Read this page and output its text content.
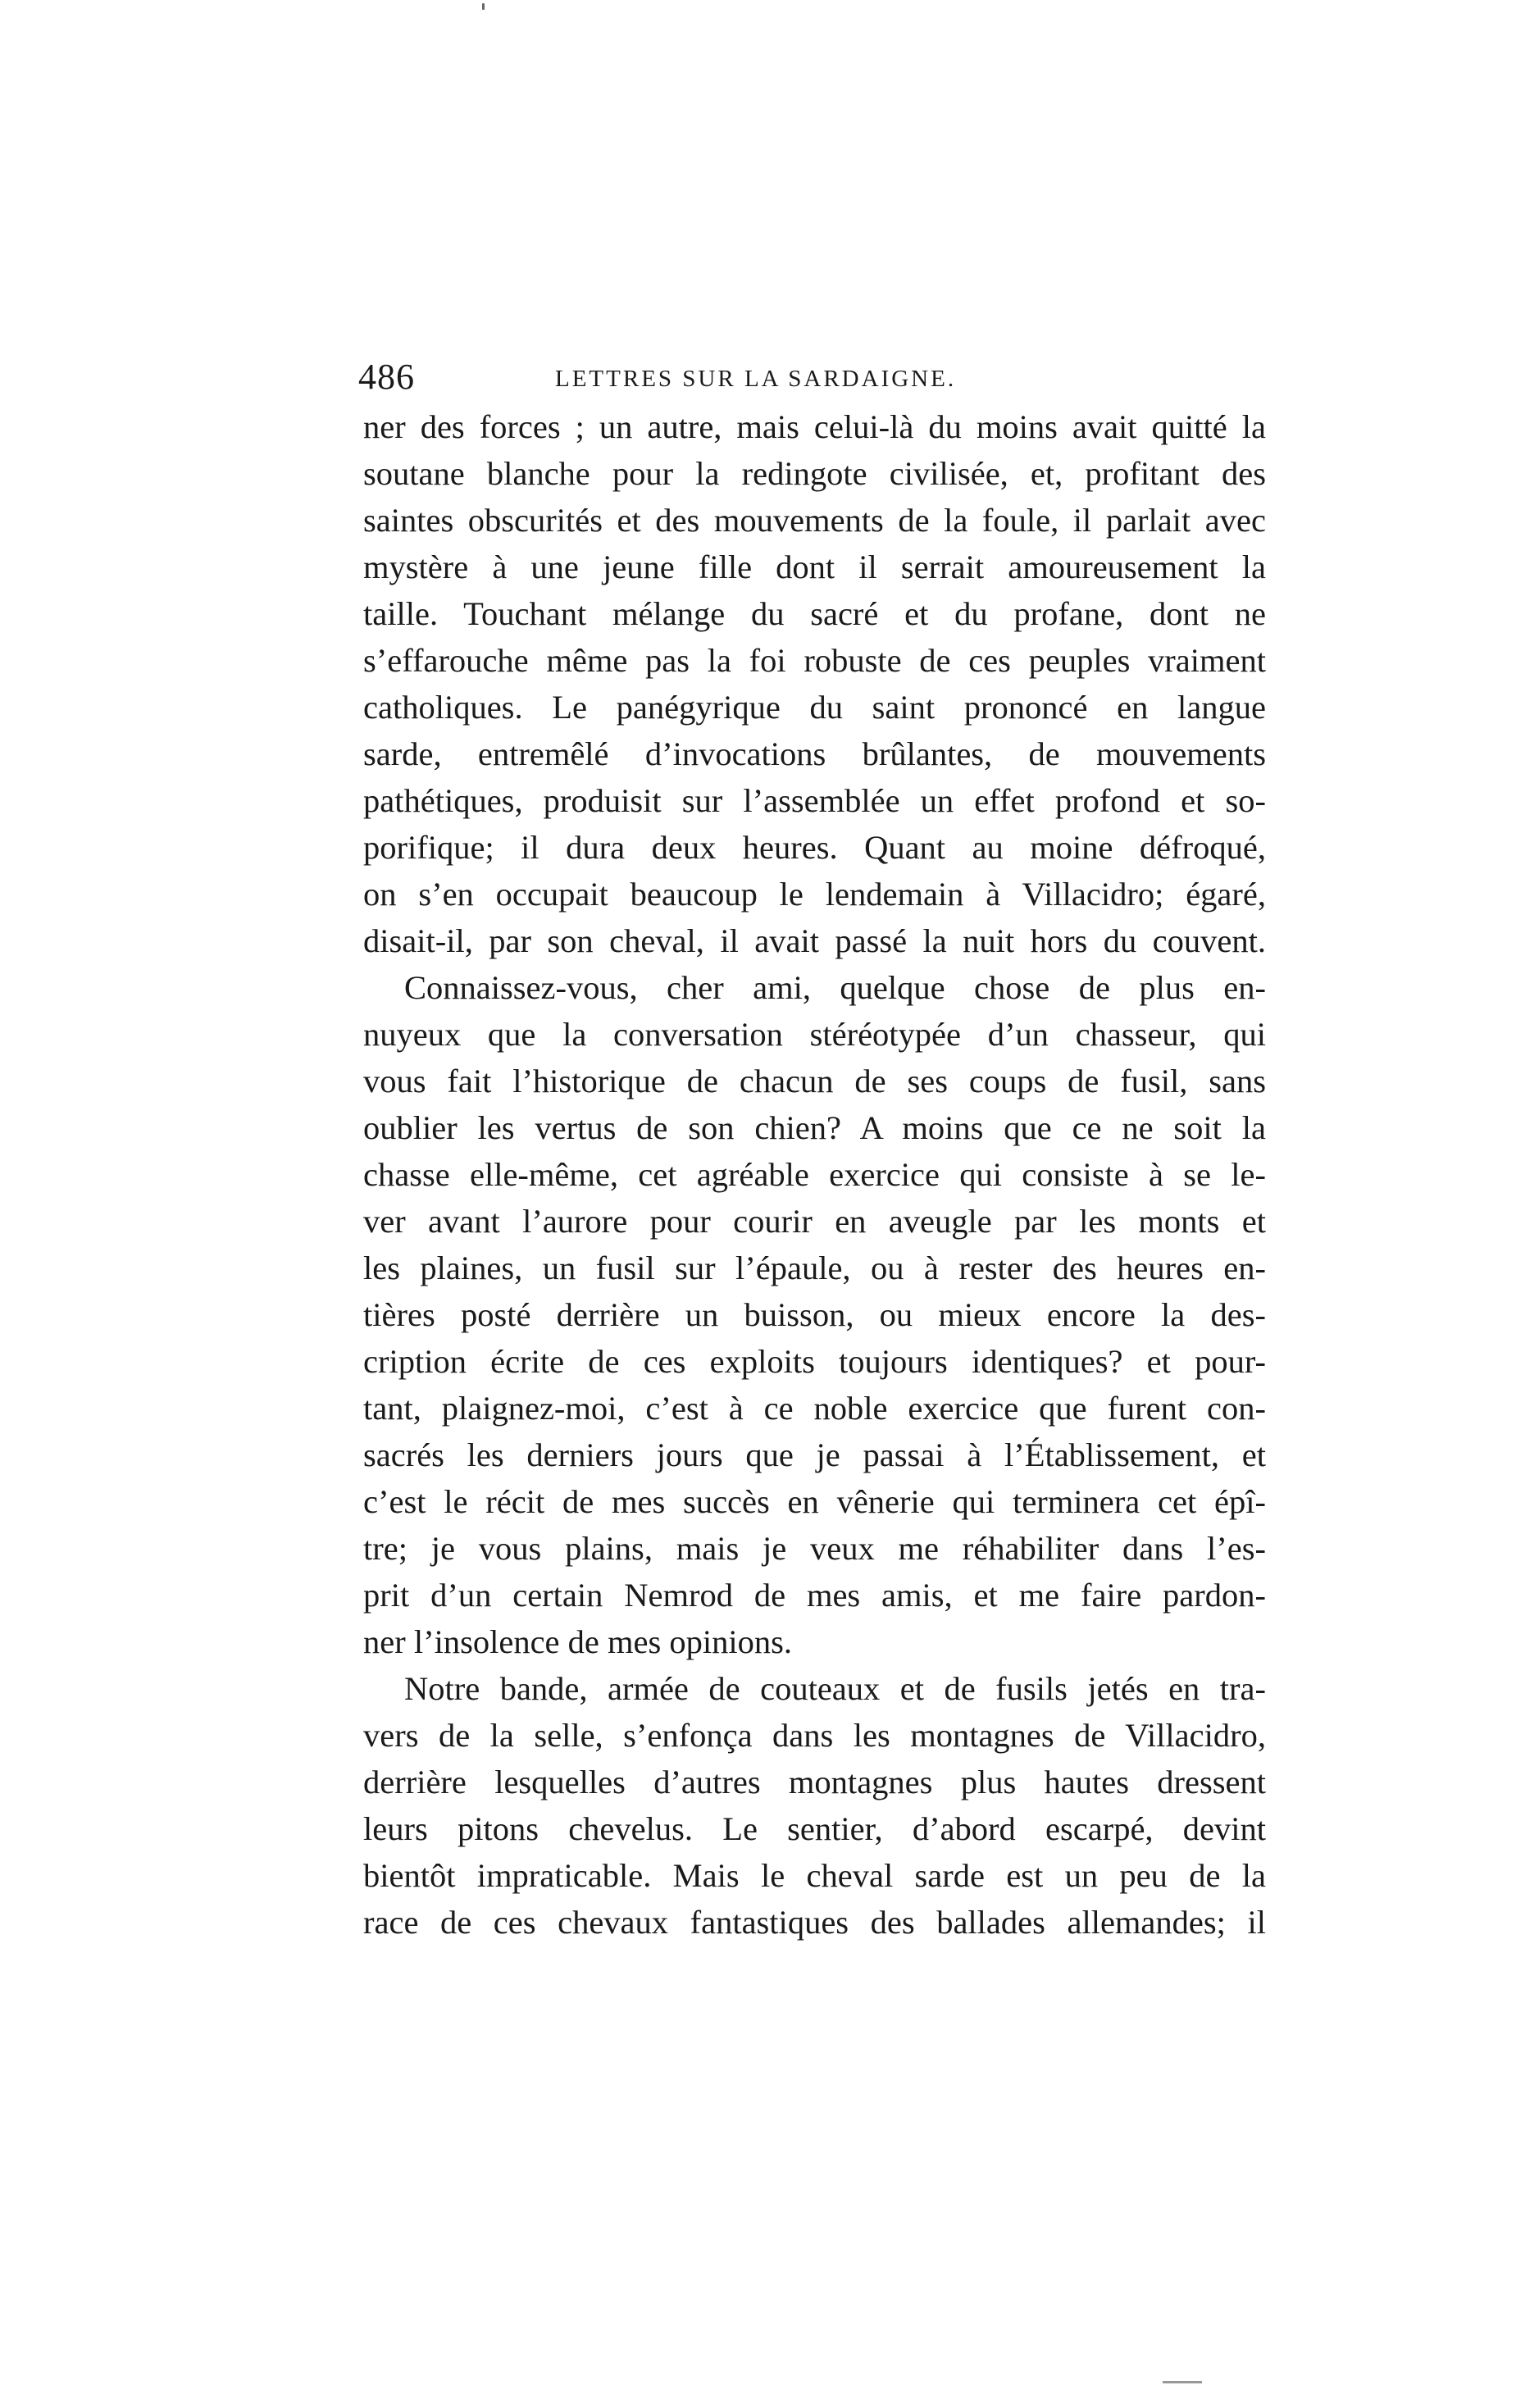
486	LETTRES SUR LA SARDAIGNE.
ner des forces ; un autre, mais celui-là du moins avait quitté la
soutane blanche pour la redingote civilisée, et, profitant des
saintes obscurités et des mouvements de la foule, il parlait avec
mystère à une jeune fille dont il serrait amoureusement la
taille. Touchant mélange du sacré et du profane, dont ne
s’effarouche même pas la foi robuste de ces peuples vraiment
catholiques. Le panégyrique du saint prononcé en langue
sarde, entremêlé d’invocations brûlantes, de mouvements
pathétiques, produisit sur l’assemblée un effet profond et so-
porifique; il dura deux heures. Quant au moine défroqué,
on s’en occupait beaucoup le lendemain à Villacidro; égaré,
disait-il, par son cheval, il avait passé la nuit hors du couvent.
Connaissez-vous, cher ami, quelque chose de plus en-
nuyeux que la conversation stéréotypée d’un chasseur, qui
vous fait l’historique de chacun de ses coups de fusil, sans
oublier les vertus de son chien? A moins que ce ne soit la
chasse elle-même, cet agréable exercice qui consiste à se le-
ver avant l’aurore pour courir en aveugle par les monts et
les plaines, un fusil sur l’épaule, ou à rester des heures en-
tières posté derrière un buisson, ou mieux encore la des-
cription écrite de ces exploits toujours identiques? et pour-
tant, plaignez-moi, c’est à ce noble exercice que furent con-
sacrés les derniers jours que je passai à l’Établissement, et
c’est le récit de mes succès en vênerie qui terminera cet épî-
tre; je vous plains, mais je veux me réhabiliter dans l’es-
prit d’un certain Nemrod de mes amis, et me faire pardon-
ner l’insolence de mes opinions.
Notre bande, armée de couteaux et de fusils jetés en tra-
vers de la selle, s’enfonça dans les montagnes de Villacidro,
derrière lesquelles d’autres montagnes plus hautes dressent
leurs pitons chevelus. Le sentier, d’abord escarpé, devint
bientôt impraticable. Mais le cheval sarde est un peu de la
race de ces chevaux fantastiques des ballades allemandes; il
